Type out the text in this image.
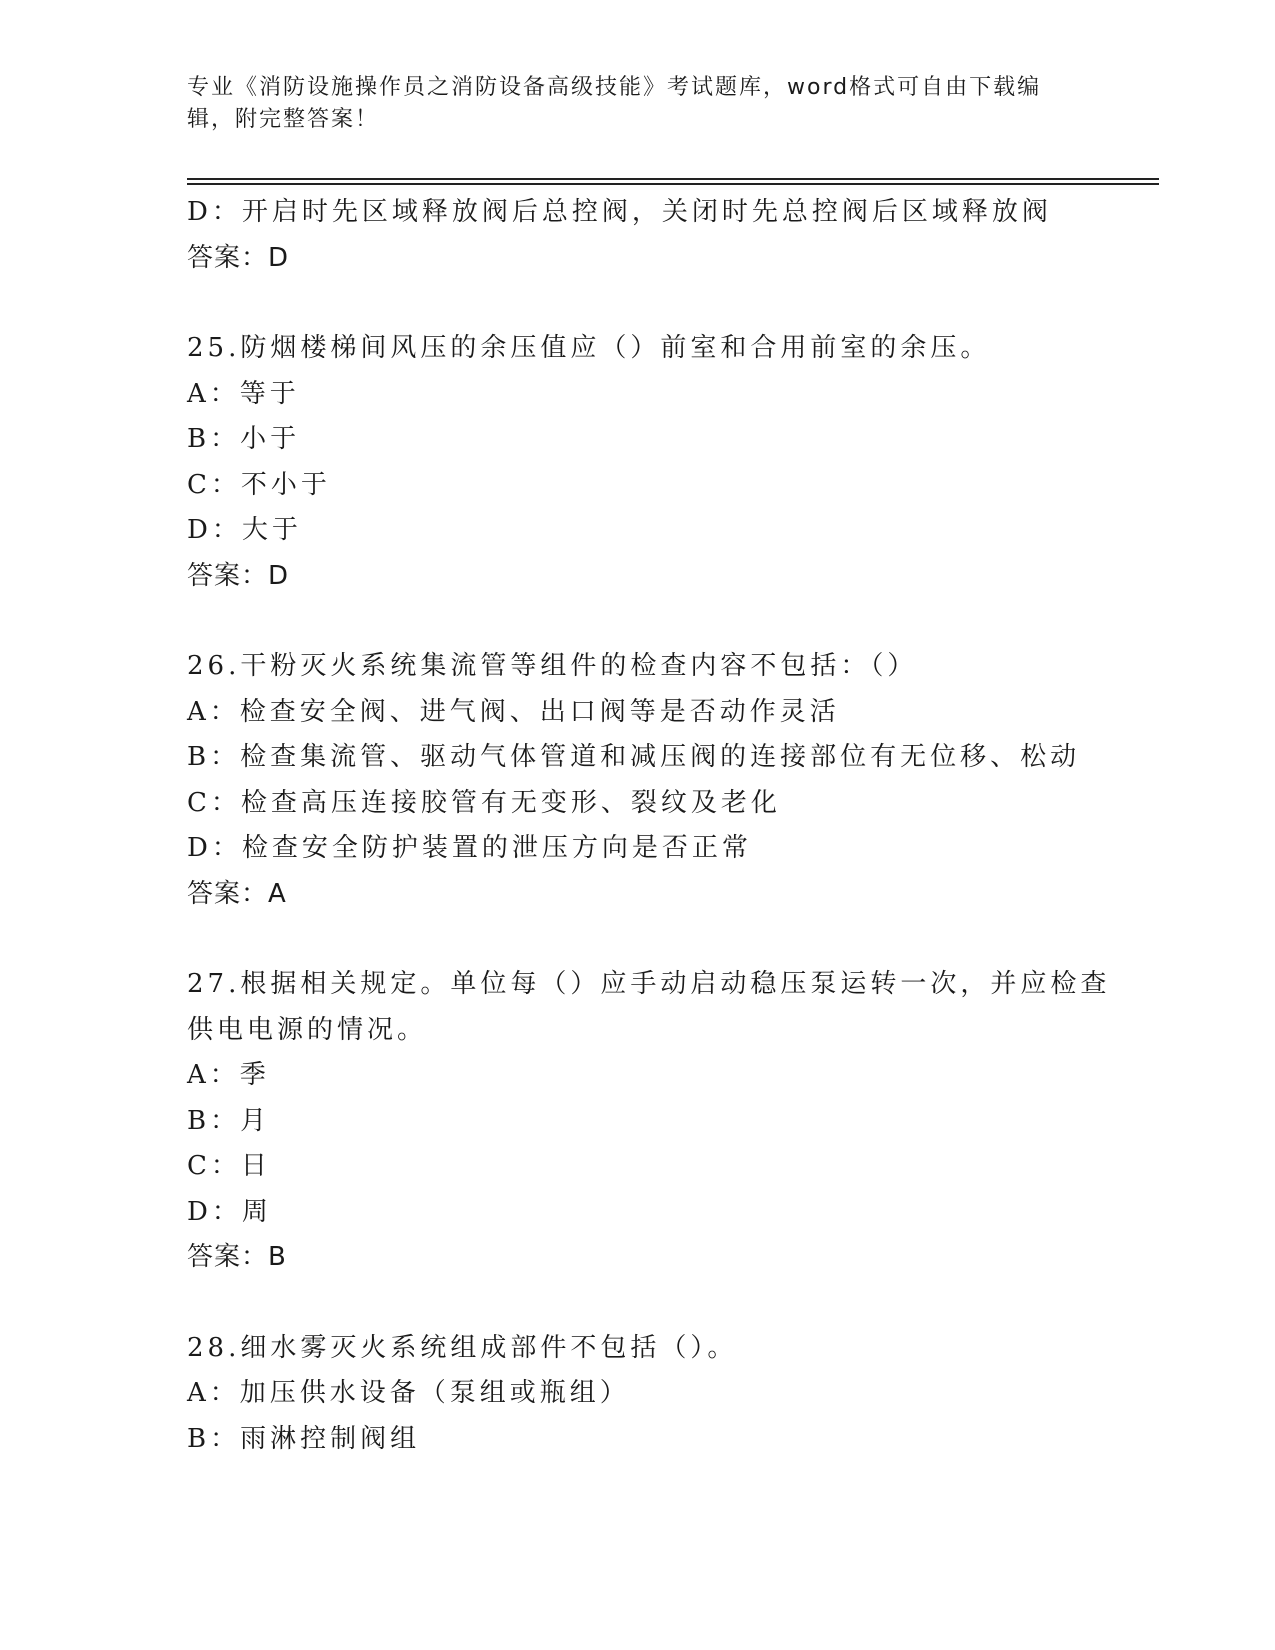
专业《消防设施操作员之消防设备高级技能》考试题库，word格式可自由下载编
辑，附完整答案！
D：开启时先区域释放阀后总控阀，关闭时先总控阀后区域释放阀
答案：D
25.防烟楼梯间风压的余压值应（）前室和合用前室的余压。
A：等于
B：小于
C：不小于
D：大于
答案：D
26.干粉灭火系统集流管等组件的检查内容不包括：（）
A：检查安全阀、进气阀、出口阀等是否动作灵活
B：检查集流管、驱动气体管道和减压阀的连接部位有无位移、松动
C：检查高压连接胶管有无变形、裂纹及老化
D：检查安全防护装置的泄压方向是否正常
答案：A
27.根据相关规定。单位每（）应手动启动稳压泵运转一次，并应检查
供电电源的情况。
A：季
B：月
C：日
D：周
答案：B
28.细水雾灭火系统组成部件不包括（）。
A：加压供水设备（泵组或瓶组）
B：雨淋控制阀组
